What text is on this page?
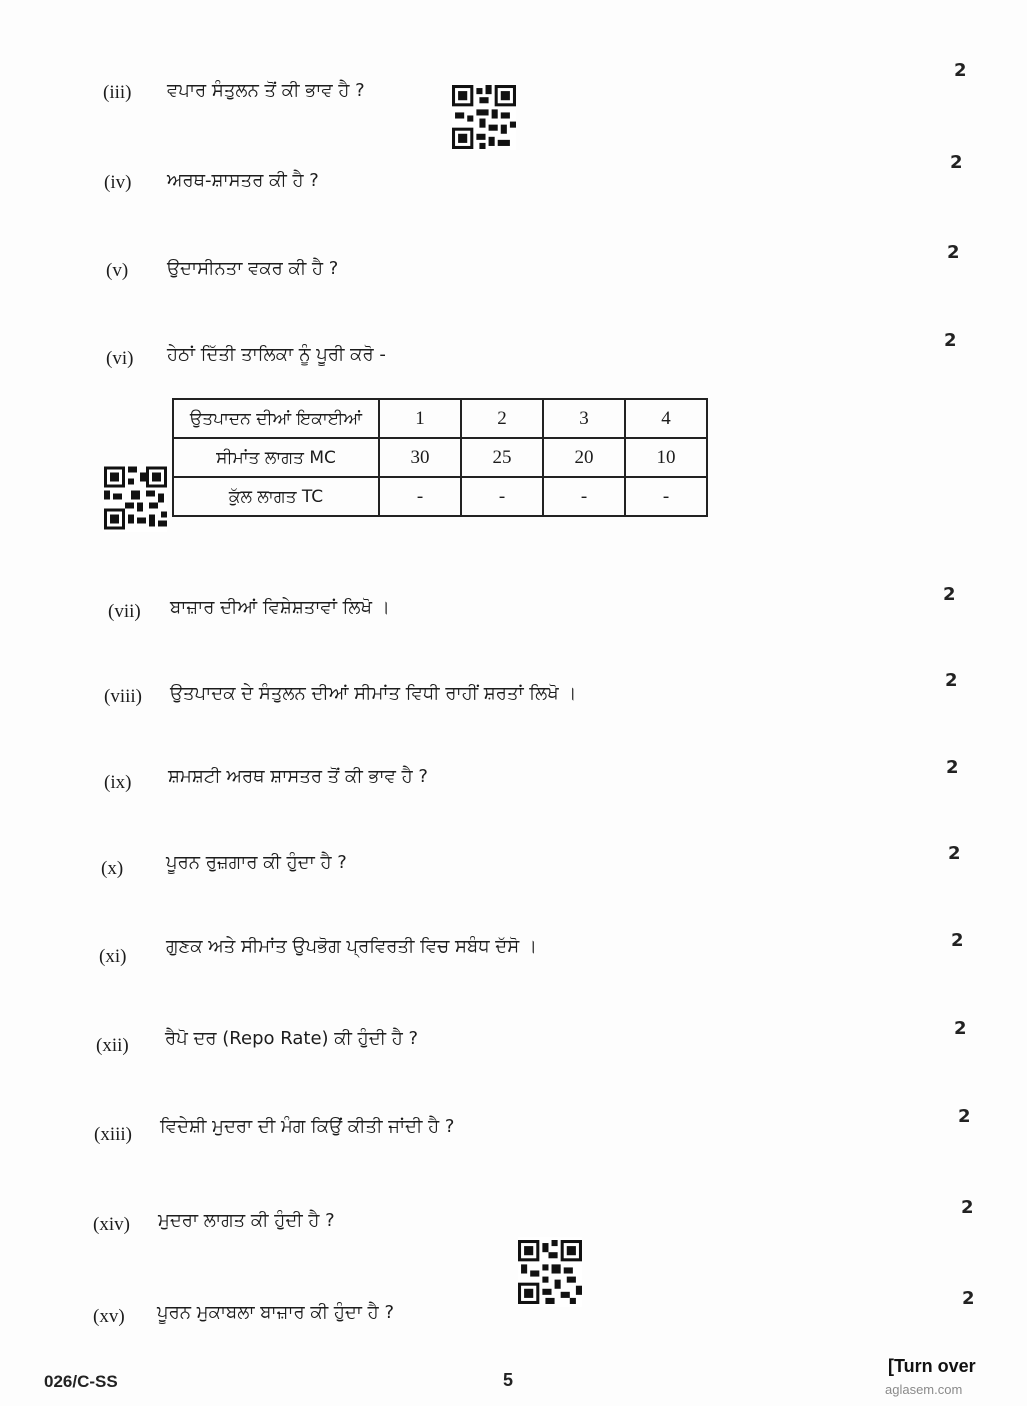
(iii) ਵਪਾਰ ਸੰਤੁਲਨ ਤੋਂ ਕੀ ਭਾਵ ਹੈ ?
2
(iv) ਅਰਥ-ਸ਼ਾਸਤਰ ਕੀ ਹੈ ?
2
(v) ਉਦਾਸੀਨਤਾ ਵਕਰ ਕੀ ਹੈ ?
2
(vi) ਹੇਠਾਂ ਦਿੱਤੀ ਤਾਲਿਕਾ ਨੂੰ ਪੂਰੀ ਕਰੋ -
2
ਉਤਪਾਦਨ ਦੀਆਂ ਇਕਾਈਆਂ	1	2	3	4
ਸੀਮਾਂਤ ਲਾਗਤ MC	30	25	20	10
ਕੁੱਲ ਲਾਗਤ TC	-	-	-	-
(vii) ਬਾਜ਼ਾਰ ਦੀਆਂ ਵਿਸ਼ੇਸ਼ਤਾਵਾਂ ਲਿਖੋ ।
2
(viii) ਉਤਪਾਦਕ ਦੇ ਸੰਤੁਲਨ ਦੀਆਂ ਸੀਮਾਂਤ ਵਿਧੀ ਰਾਹੀਂ ਸ਼ਰਤਾਂ ਲਿਖੋ ।
2
(ix) ਸ਼ਮਸ਼ਟੀ ਅਰਥ ਸ਼ਾਸਤਰ ਤੋਂ ਕੀ ਭਾਵ ਹੈ ?	2
(x) ਪੂਰਨ ਰੁਜ਼ਗਾਰ ਕੀ ਹੁੰਦਾ ਹੈ ?	2
(xi) ਗੁਣਕ ਅਤੇ ਸੀਮਾਂਤ ਉਪਭੋਗ ਪ੍ਰਵਿਰਤੀ ਵਿਚ ਸਬੰਧ ਦੱਸੋ ।	2
(xii) ਰੈਪੋ ਦਰ (Repo Rate) ਕੀ ਹੁੰਦੀ ਹੈ ?	2
(xiii) ਵਿਦੇਸ਼ੀ ਮੁਦਰਾ ਦੀ ਮੰਗ ਕਿਉਂ ਕੀਤੀ ਜਾਂਦੀ ਹੈ ?	2
(xiv) ਮੁਦਰਾ ਲਾਗਤ ਕੀ ਹੁੰਦੀ ਹੈ ?
2
(xv) ਪੂਰਨ ਮੁਕਾਬਲਾ ਬਾਜ਼ਾਰ ਕੀ ਹੁੰਦਾ ਹੈ ?
2
026/C-SS	5
[Turn over
aglasem.com
